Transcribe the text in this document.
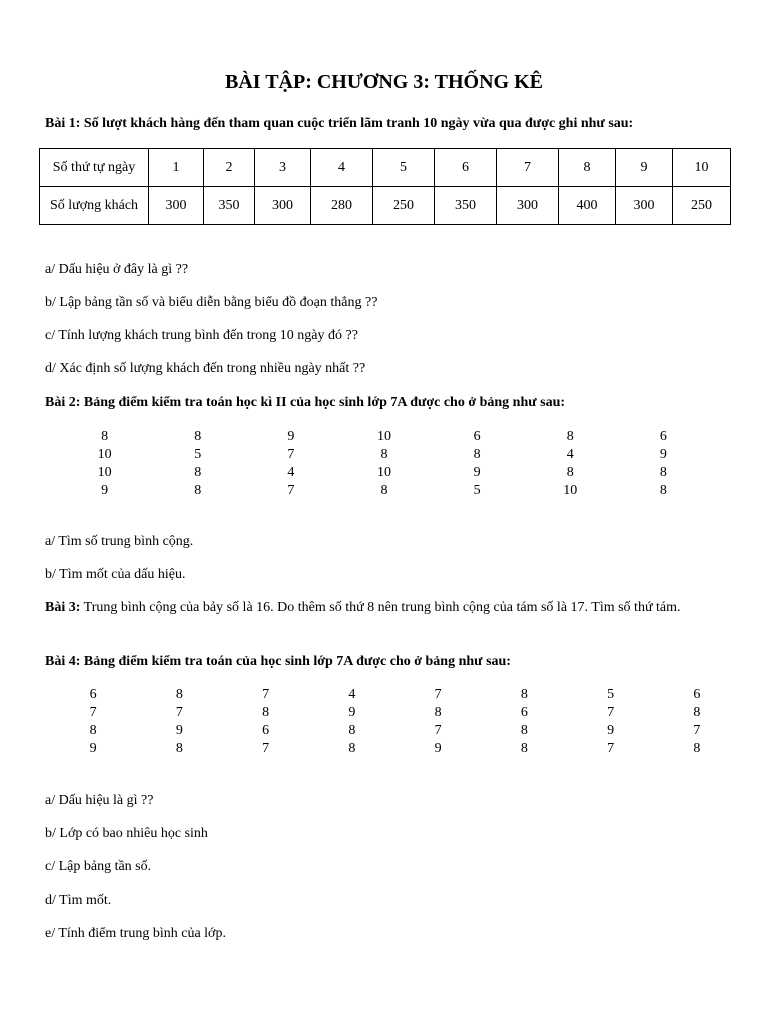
BÀI TẬP: CHƯƠNG 3: THỐNG KÊ
Bài 1: Số lượt khách hàng đến tham quan cuộc triển lãm tranh 10 ngày vừa qua được ghi như sau:
Số thứ tự ngày	1	2	3	4	5	6	7	8	9	10
Số lượng khách	300	350	300	280	250	350	300	400	300	250
a/ Dấu hiệu ở đây là gì ??
b/ Lập bảng tần số và biểu diễn bằng biểu đồ đoạn thẳng ??
c/ Tính lượng khách trung bình đến trong 10 ngày đó ??
d/ Xác định số lượng khách đến trong nhiều ngày nhất ??
Bài 2: Bảng điểm kiểm tra toán học kì II của học sinh lớp 7A được cho ở bảng như sau:
8	8	9	10	6	8	6
10	5	7	8	8	4	9
10	8	4	10	9	8	8
9	8	7	8	5	10	8
a/ Tìm số trung bình cộng.
b/ Tìm mốt của dấu hiệu.
Bài 3: Trung bình cộng của bảy số là 16. Do thêm số thứ 8 nên trung bình cộng của tám số là 17. Tìm số thứ tám.
Bài 4: Bảng điểm kiểm tra toán của học sinh lớp 7A được cho ở bảng như sau:
6	8	7	4	7	8	5	6
7	7	8	9	8	6	7	8
8	9	6	8	7	8	9	7
9	8	7	8	9	8	7	8
a/ Dấu hiệu là gì ??
b/ Lớp có bao nhiêu học sinh
c/ Lập bảng tần số.
d/ Tìm mốt.
e/ Tính điểm trung bình của lớp.
